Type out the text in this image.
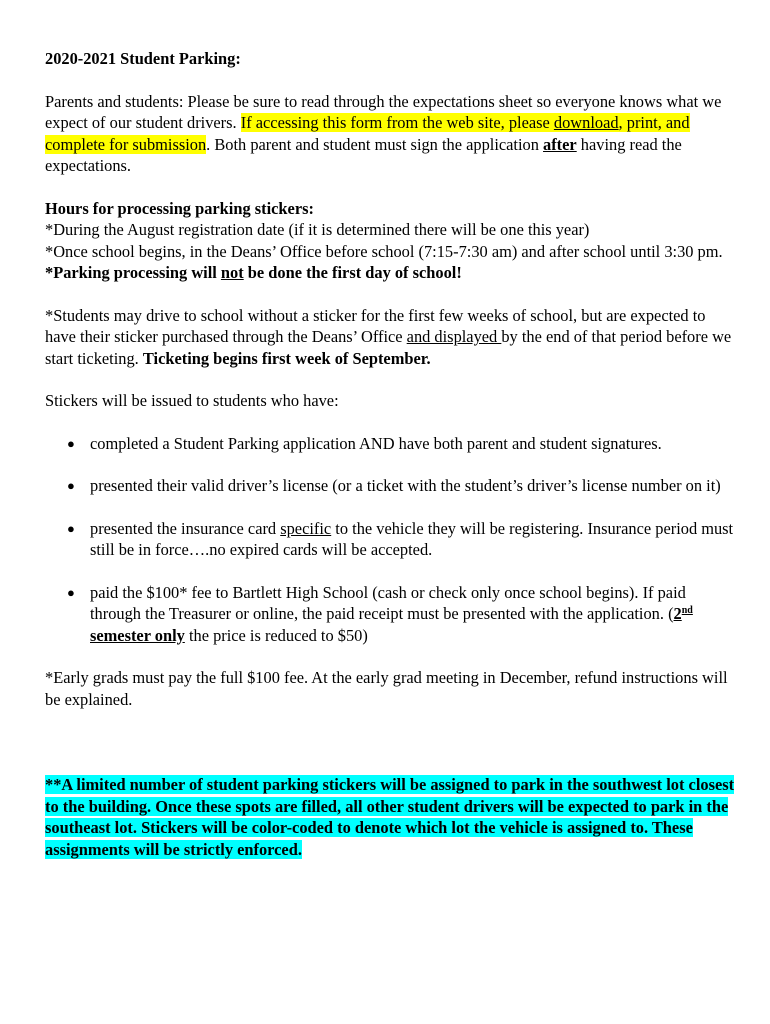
2020-2021 Student Parking:

Parents and students: Please be sure to read through the expectations sheet so everyone knows what we expect of our student drivers. If accessing this form from the web site, please download, print, and complete for submission. Both parent and student must sign the application after having read the expectations.

Hours for processing parking stickers:

*During the August registration date (if it is determined there will be one this year)

*Once school begins, in the Deans’ Office before school (7:15-7:30 am) and after school until 3:30 pm. *Parking processing will not be done the first day of school!

*Students may drive to school without a sticker for the first few weeks of school, but are expected to have their sticker purchased through the Deans’ Office and displayed by the end of that period before we start ticketing. Ticketing begins first week of September.

Stickers will be issued to students who have:

● completed a Student Parking application AND have both parent and student signatures.
● presented their valid driver’s license (or a ticket with the student’s driver’s license number on it)
● presented the insurance card specific to the vehicle they will be registering. Insurance period must still be in force….no expired cards will be accepted.
● paid the $100* fee to Bartlett High School (cash or check only once school begins). If paid through the Treasurer or online, the paid receipt must be presented with the application. (2nd semester only the price is reduced to $50)

*Early grads must pay the full $100 fee. At the early grad meeting in December, refund instructions will be explained.

**A limited number of student parking stickers will be assigned to park in the southwest lot closest to the building. Once these spots are filled, all other student drivers will be expected to park in the southeast lot. Stickers will be color-coded to denote which lot the vehicle is assigned to. These assignments will be strictly enforced.
